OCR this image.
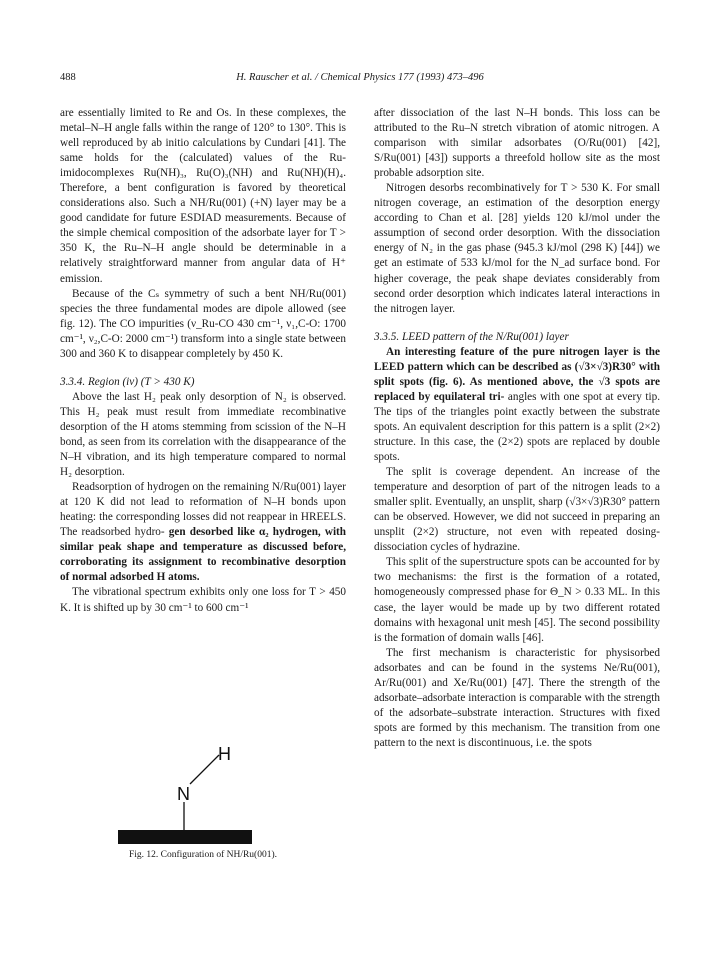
488	H. Rauscher et al. / Chemical Physics 177 (1993) 473–496

are essentially limited to Re and Os. In these complexes, the metal–N–H angle falls within the range of 120° to 130°. This is well reproduced by ab initio calculations by Cundari [41]. The same holds for the (calculated) values of the Ru-imidocomplexes Ru(NH)₃, Ru(O)₃(NH) and Ru(NH)(H)₄. Therefore, a bent configuration is favored by theoretical considerations also. Such a NH/Ru(001) (+N) layer may be a good candidate for future ESDIAD measurements. Because of the simple chemical composition of the adsorbate layer for T > 350 K, the Ru–N–H angle should be determinable in a relatively straightforward manner from angular data of H⁺ emission.

Because of the Cₛ symmetry of such a bent NH/Ru(001) species the three fundamental modes are dipole allowed (see fig. 12). The CO impurities (ν_Ru-CO 430 cm⁻¹, ν₁,C-O: 1700 cm⁻¹, ν₂,C-O: 2000 cm⁻¹) transform into a single state between 300 and 360 K to disappear completely by 450 K.

3.3.4. Region (iv) (T > 430 K)

Above the last H₂ peak only desorption of N₂ is observed. This H₂ peak must result from immediate recombinative desorption of the H atoms stemming from scission of the N–H bond, as seen from its correlation with the disappearance of the N–H vibration, and its high temperature compared to normal H₂ desorption.

Readsorption of hydrogen on the remaining N/Ru(001) layer at 120 K did not lead to reformation of N–H bonds upon heating: the corresponding losses did not reappear in HREELS. The readsorbed hydro- gen desorbed like α₂ hydrogen, with similar peak shape and temperature as discussed before, corroborating its assignment to recombinative desorption of normal adsorbed H atoms.

The vibrational spectrum exhibits only one loss for T > 450 K. It is shifted up by 30 cm⁻¹ to 600 cm⁻¹

H
N
Fig. 12. Configuration of NH/Ru(001).

after dissociation of the last N–H bonds. This loss can be attributed to the Ru–N stretch vibration of atomic nitrogen. A comparison with similar adsorbates (O/Ru(001) [42], S/Ru(001) [43]) supports a threefold hollow site as the most probable adsorption site.

Nitrogen desorbs recombinatively for T > 530 K. For small nitrogen coverage, an estimation of the desorption energy according to Chan et al. [28] yields 120 kJ/mol under the assumption of second order desorption. With the dissociation energy of N₂ in the gas phase (945.3 kJ/mol (298 K) [44]) we get an estimate of 533 kJ/mol for the N_ad surface bond. For higher coverage, the peak shape deviates considerably from second order desorption which indicates lateral interactions in the nitrogen layer.

3.3.5. LEED pattern of the N/Ru(001) layer

An interesting feature of the pure nitrogen layer is the LEED pattern which can be described as (√3×√3)R30° with split spots (fig. 6). As mentioned above, the √3 spots are replaced by equilateral tri- angles with one spot at every tip. The tips of the triangles point exactly between the substrate spots. An equivalent description for this pattern is a split (2×2) structure. In this case, the (2×2) spots are replaced by double spots.

The split is coverage dependent. An increase of the temperature and desorption of part of the nitrogen leads to a smaller split. Eventually, an unsplit, sharp (√3×√3)R30° pattern can be observed. However, we did not succeed in preparing an unsplit (2×2) structure, not even with repeated dosing-dissociation cycles of hydrazine.

This split of the superstructure spots can be accounted for by two mechanisms: the first is the formation of a rotated, homogeneously compressed phase for Θ_N > 0.33 ML. In this case, the layer would be made up by two different rotated domains with hexagonal unit mesh [45]. The second possibility is the formation of domain walls [46].

The first mechanism is characteristic for physisorbed adsorbates and can be found in the systems Ne/Ru(001), Ar/Ru(001) and Xe/Ru(001) [47]. There the strength of the adsorbate–adsorbate interaction is comparable with the strength of the adsorbate–substrate interaction. Structures with fixed spots are formed by this mechanism. The transition from one pattern to the next is discontinuous, i.e. the spots
